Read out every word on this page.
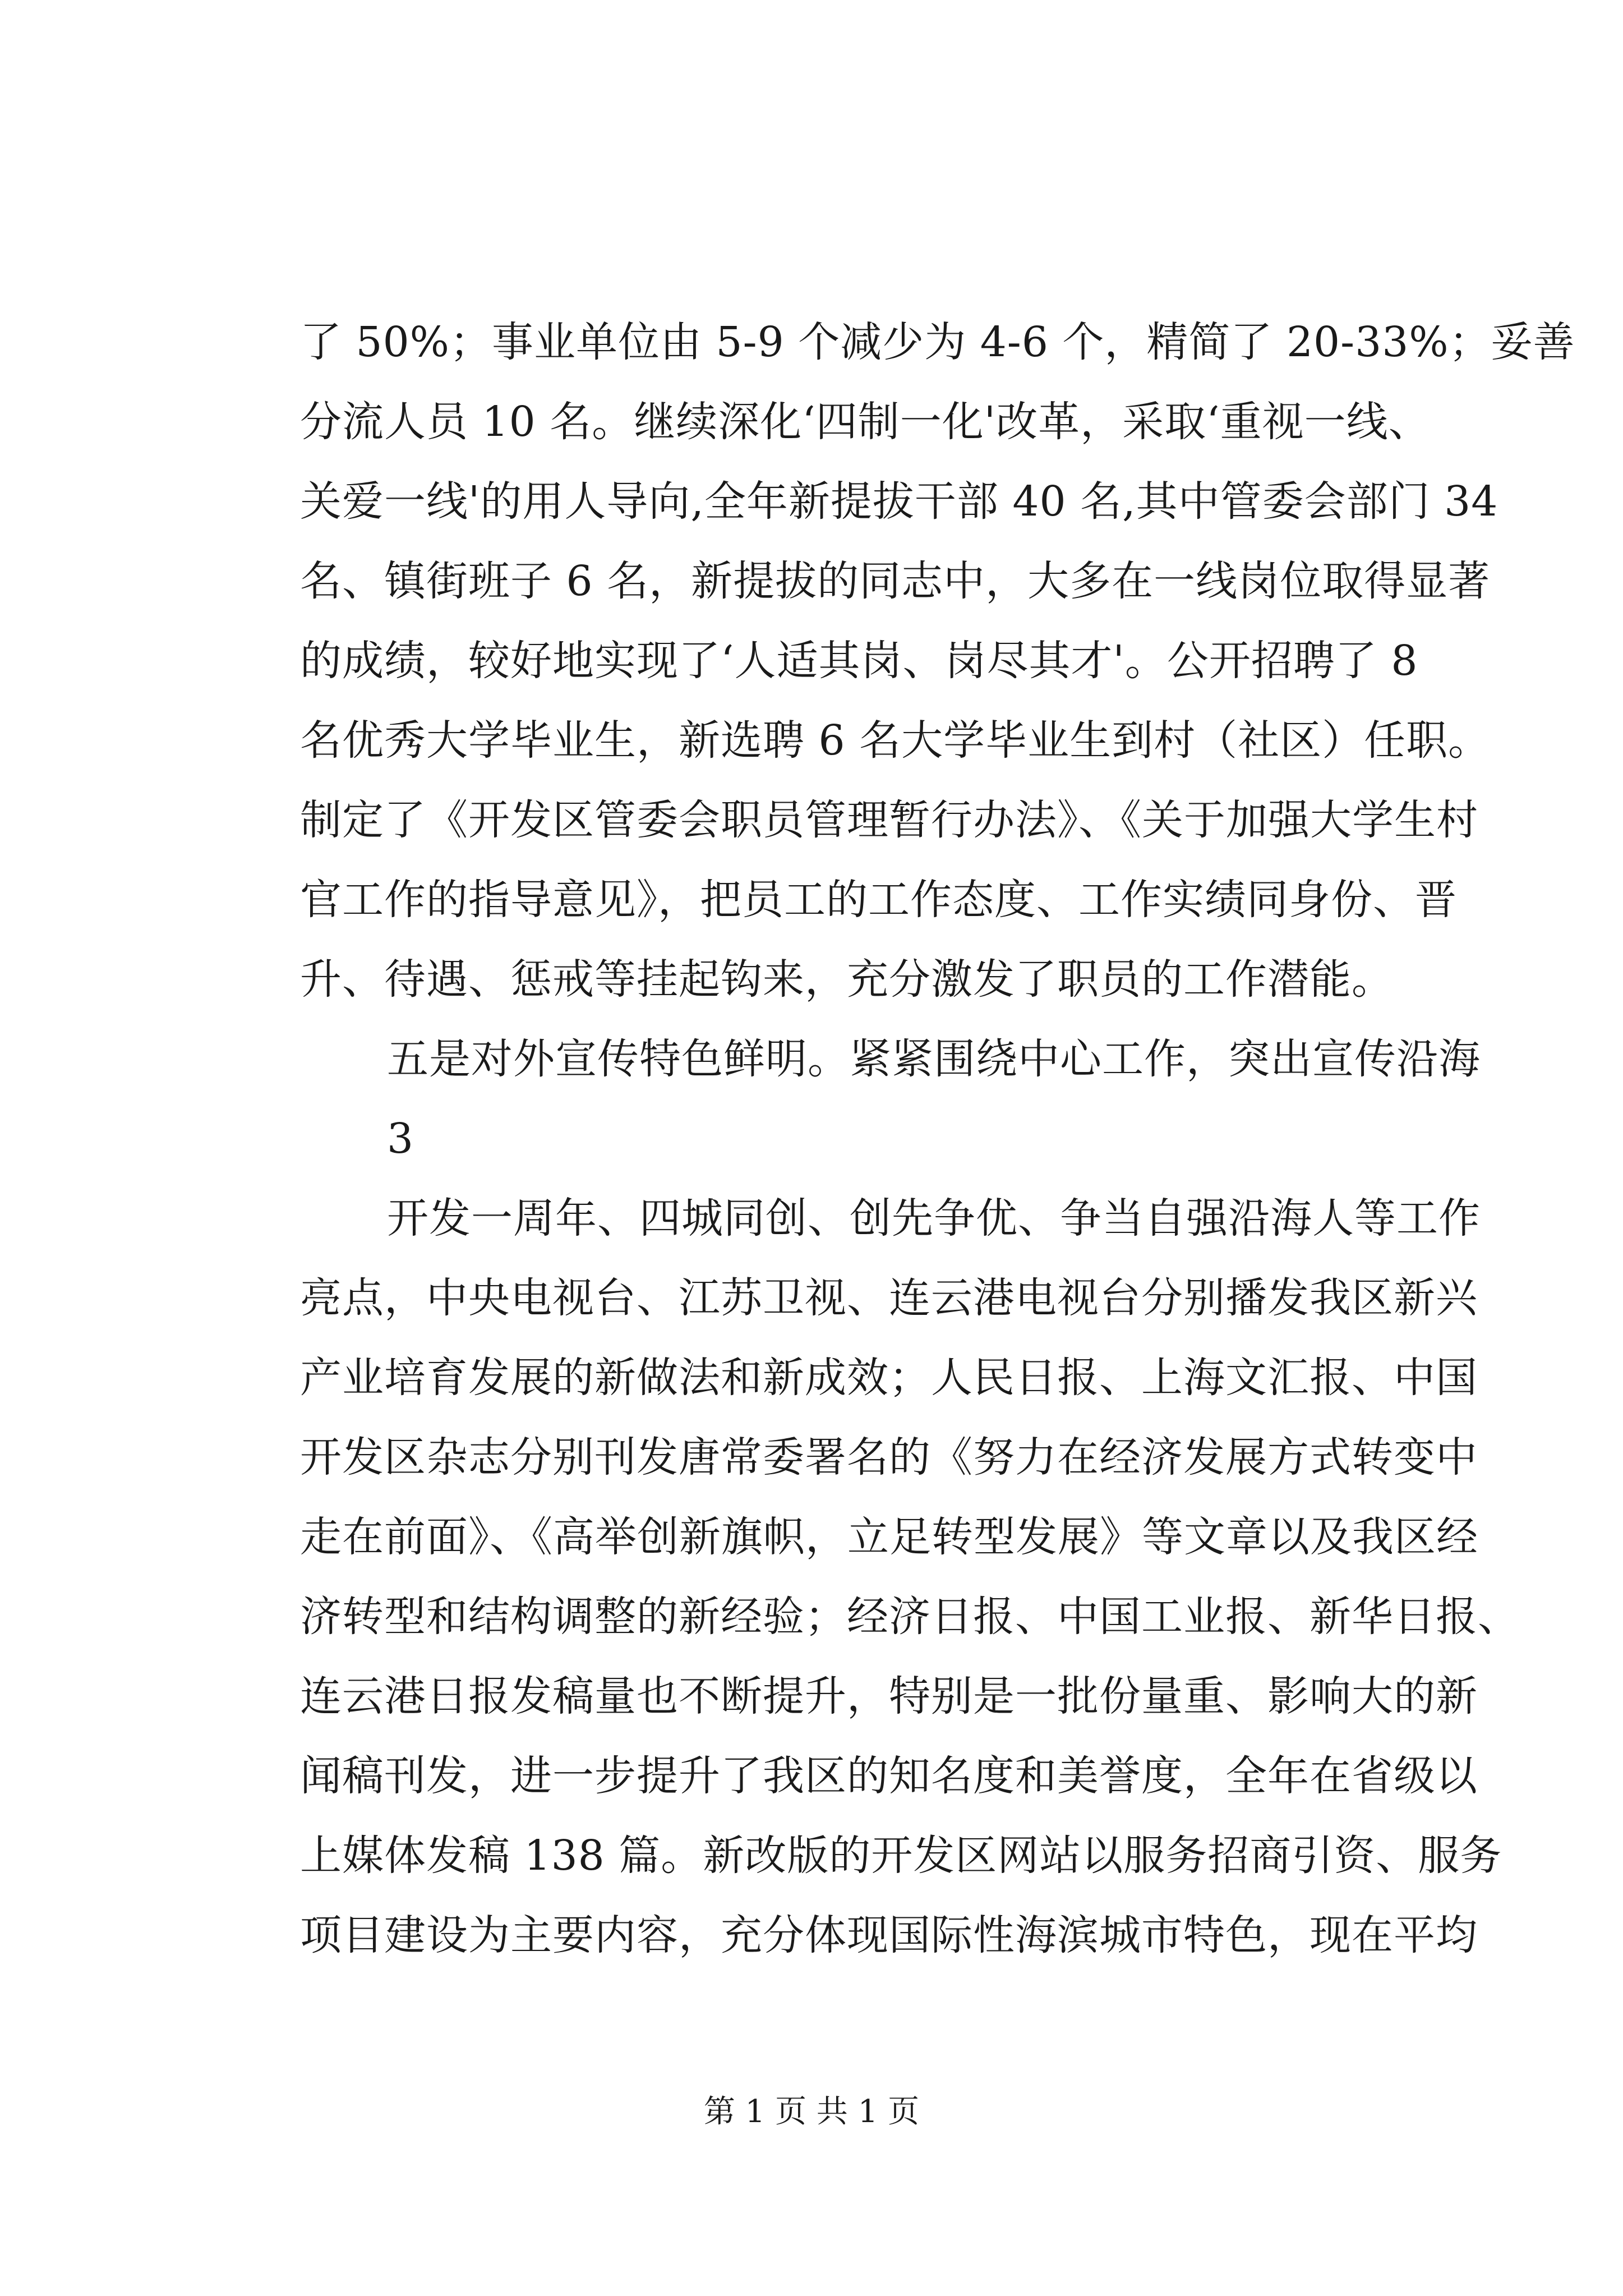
了 50%；事业单位由 5-9 个减少为 4-6 个，精简了 20-33%；妥善
分流人员 10 名。继续深化‘四制一化'改革，采取‘重视一线、
关爱一线'的用人导向,全年新提拔干部 40 名,其中管委会部门 34
名、镇街班子 6 名，新提拔的同志中，大多在一线岗位取得显著
的成绩，较好地实现了‘人适其岗、岗尽其才'。公开招聘了 8
名优秀大学毕业生，新选聘 6 名大学毕业生到村（社区）任职。
制定了《开发区管委会职员管理暂行办法》、《关于加强大学生村
官工作的指导意见》，把员工的工作态度、工作实绩同身份、晋
升、待遇、惩戒等挂起钩来，充分激发了职员的工作潜能。
五是对外宣传特色鲜明。紧紧围绕中心工作，突出宣传沿海
3
开发一周年、四城同创、创先争优、争当自强沿海人等工作
亮点，中央电视台、江苏卫视、连云港电视台分别播发我区新兴
产业培育发展的新做法和新成效；人民日报、上海文汇报、中国
开发区杂志分别刊发唐常委署名的《努力在经济发展方式转变中
走在前面》、《高举创新旗帜，立足转型发展》等文章以及我区经
济转型和结构调整的新经验；经济日报、中国工业报、新华日报、
连云港日报发稿量也不断提升，特别是一批份量重、影响大的新
闻稿刊发，进一步提升了我区的知名度和美誉度，全年在省级以
上媒体发稿 138 篇。新改版的开发区网站以服务招商引资、服务
项目建设为主要内容，充分体现国际性海滨城市特色，现在平均
第 1 页 共 1 页
